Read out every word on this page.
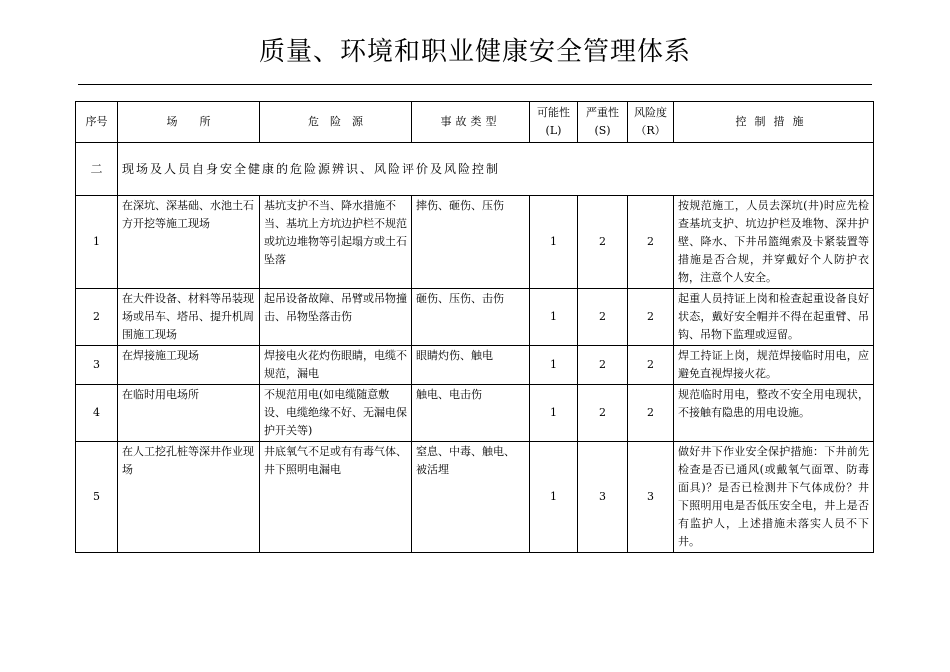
质量、环境和职业健康安全管理体系
序号	场　　所	危　险　源	事故类型	可能性(L)	严重性(S)	风险度（R）	控制措施
二	现场及人员自身安全健康的危险源辨识、风险评价及风险控制						
1	在深坑、深基础、水池土石方开挖等施工现场	基坑支护不当、降水措施不当、基坑上方坑边护栏不规范或坑边堆物等引起塌方或土石坠落	摔伤、砸伤、压伤	1	2	2	按规范施工，人员去深坑(井)时应先检查基坑支护、坑边护栏及堆物、深井护壁、降水、下井吊篮绳索及卡紧装置等措施是否合规，并穿戴好个人防护衣物，注意个人安全。
2	在大件设备、材料等吊装现场或吊车、塔吊、提升机周围施工现场	起吊设备故障、吊臂或吊物撞击、吊物坠落击伤	砸伤、压伤、击伤	1	2	2	起重人员持证上岗和检查起重设备良好状态，戴好安全帽并不得在起重臂、吊钩、吊物下监理或逗留。
3	在焊接施工现场	焊接电火花灼伤眼睛，电缆不规范，漏电	眼睛灼伤、触电	1	2	2	焊工持证上岗，规范焊接临时用电，应避免直视焊接火花。
4	在临时用电场所	不规范用电(如电缆随意敷设、电缆绝缘不好、无漏电保护开关等)	触电、电击伤	1	2	2	规范临时用电，整改不安全用电现状，不接触有隐患的用电设施。
5	在人工挖孔桩等深井作业现场	井底氧气不足或有有毒气体、井下照明电漏电	窒息、中毒、触电、被活埋	1	3	3	做好井下作业安全保护措施：下井前先检查是否已通风(或戴氧气面罩、防毒面具)？是否已检测井下气体成份？井下照明用电是否低压安全电，井上是否有监护人，上述措施未落实人员不下井。
